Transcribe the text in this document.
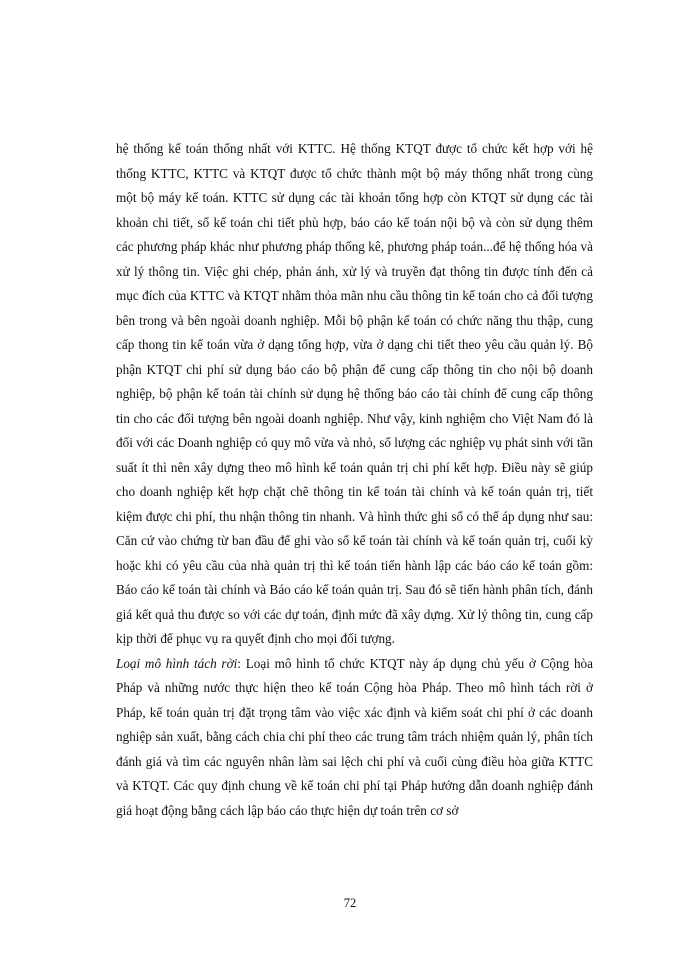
hệ thống kế toán thống nhất với KTTC. Hệ thống KTQT được tổ chức kết hợp với hệ thống KTTC, KTTC và KTQT được tổ chức thành một bộ máy thống nhất trong cùng một bộ máy kế toán. KTTC sử dụng các tài khoản tổng hợp còn KTQT sử dụng các tài khoản chi tiết, sổ kế toán chi tiết phù hợp, báo cáo kế toán nội bộ và còn sử dụng thêm các phương pháp khác như phương pháp thống kê, phương pháp toán...để hệ thống hóa và xử lý thông tin. Việc ghi chép, phản ánh, xử lý và truyền đạt thông tin được tính đến cả mục đích của KTTC và KTQT nhằm thỏa mãn nhu cầu thông tin kế toán cho cả đối tượng bên trong và bên ngoài doanh nghiệp. Mỗi bộ phận kế toán có chức năng thu thập, cung cấp thong tin kế toán vừa ở dạng tổng hợp, vừa ở dạng chi tiết theo yêu cầu quản lý. Bộ phận KTQT chi phí sử dụng báo cáo bộ phận để cung cấp thông tin cho nội bộ doanh nghiệp, bộ phận kế toán tài chính sử dụng hệ thống báo cáo tài chính để cung cấp thông tin cho các đối tượng bên ngoài doanh nghiệp. Như vậy, kinh nghiệm cho Việt Nam đó là đối với các Doanh nghiệp có quy mô vừa và nhỏ, số lượng các nghiệp vụ phát sinh với tần suất ít thì nên xây dựng theo mô hình kế toán quản trị chi phí kết hợp. Điều này sẽ giúp cho doanh nghiệp kết hợp chặt chẽ thông tin kế toán tài chính và kế toán quản trị, tiết kiệm được chi phí, thu nhận thông tin nhanh. Và hình thức ghi sổ có thể áp dụng như sau: Căn cứ vào chứng từ ban đầu để ghi vào sổ kế toán tài chính và kế toán quản trị, cuối kỳ hoặc khi có yêu cầu của nhà quản trị thì kế toán tiến hành lập các báo cáo kế toán gồm: Báo cáo kế toán tài chính và Báo cáo kế toán quản trị. Sau đó sẽ tiến hành phân tích, đánh giá kết quả thu được so với các dự toán, định mức đã xây dựng. Xử lý thông tin, cung cấp kịp thời để phục vụ ra quyết định cho mọi đối tượng.

Loại mô hình tách rời: Loại mô hình tổ chức KTQT này áp dụng chủ yếu ở Cộng hòa Pháp và những nước thực hiện theo kế toán Cộng hòa Pháp. Theo mô hình tách rời ở Pháp, kế toán quản trị đặt trọng tâm vào việc xác định và kiểm soát chi phí ở các doanh nghiệp sản xuất, bằng cách chia chi phí theo các trung tâm trách nhiệm quản lý, phân tích đánh giá và tìm các nguyên nhân làm sai lệch chi phí và cuối cùng điều hòa giữa KTTC và KTQT. Các quy định chung về kế toán chi phí tại Pháp hướng dẫn doanh nghiệp đánh giá hoạt động bằng cách lập báo cáo thực hiện dự toán trên cơ sở

72
